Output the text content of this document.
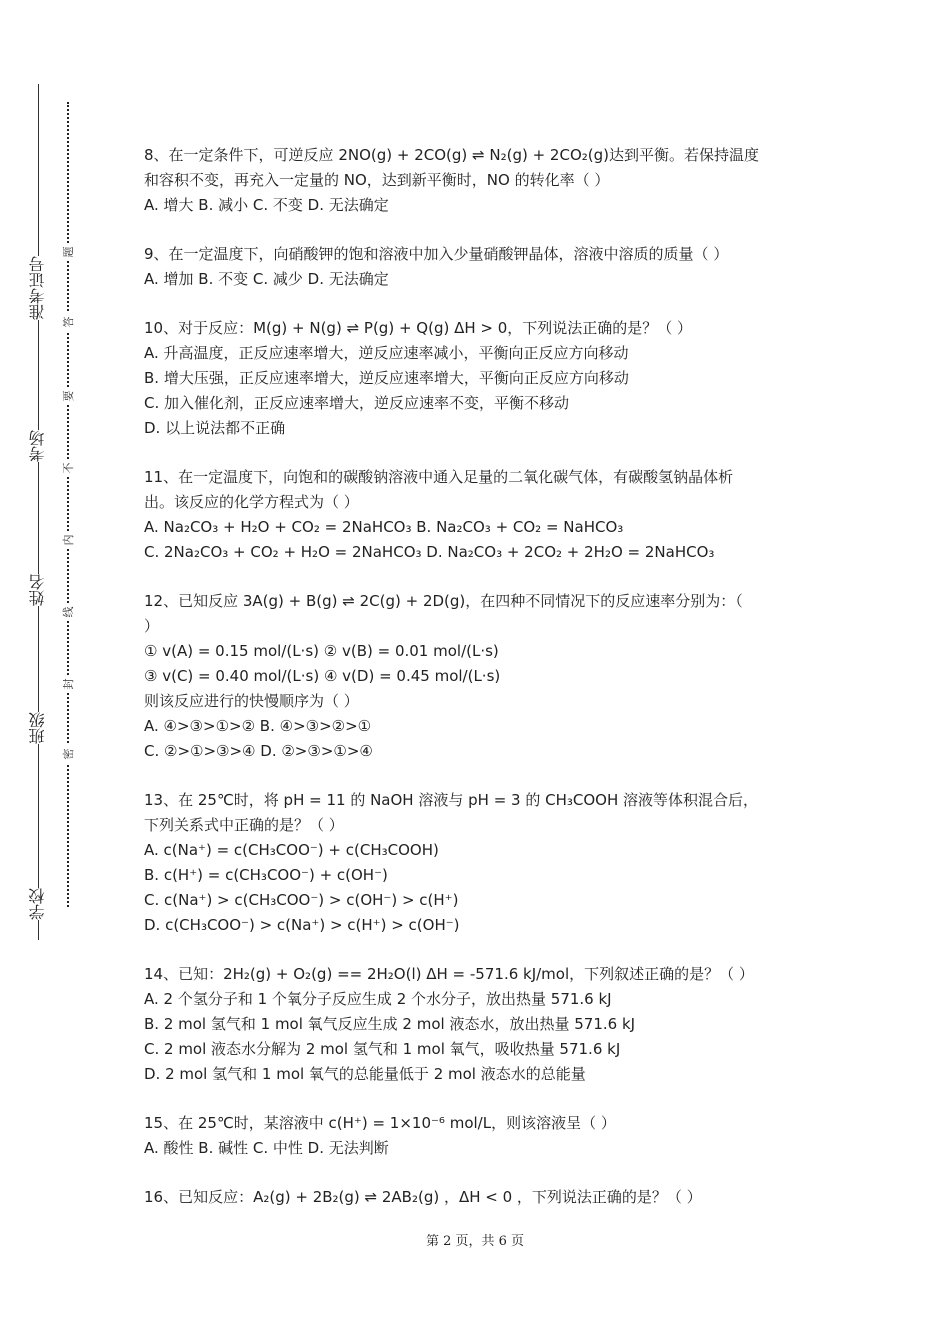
准考证号
考场
姓名
班级
学校
题
答
要
不
内
线
封
密
8、在一定条件下，可逆反应 2NO(g) + 2CO(g) ⇌ N₂(g) + 2CO₂(g)达到平衡。若保持温度
和容积不变，再充入一定量的 NO，达到新平衡时，NO 的转化率（ ）
A. 增大 B. 减小 C. 不变 D. 无法确定
9、在一定温度下，向硝酸钾的饱和溶液中加入少量硝酸钾晶体，溶液中溶质的质量（ ）
A. 增加 B. 不变 C. 减少 D. 无法确定
10、对于反应：M(g) + N(g) ⇌ P(g) + Q(g) ΔH > 0，下列说法正确的是？（ ）
A. 升高温度，正反应速率增大，逆反应速率减小，平衡向正反应方向移动
B. 增大压强，正反应速率增大，逆反应速率增大，平衡向正反应方向移动
C. 加入催化剂，正反应速率增大，逆反应速率不变，平衡不移动
D. 以上说法都不正确
11、在一定温度下，向饱和的碳酸钠溶液中通入足量的二氧化碳气体，有碳酸氢钠晶体析
出。该反应的化学方程式为（ ）
A. Na₂CO₃ + H₂O + CO₂ = 2NaHCO₃ B. Na₂CO₃ + CO₂ = NaHCO₃
C. 2Na₂CO₃ + CO₂ + H₂O = 2NaHCO₃ D. Na₂CO₃ + 2CO₂ + 2H₂O = 2NaHCO₃
12、已知反应 3A(g) + B(g) ⇌ 2C(g) + 2D(g)，在四种不同情况下的反应速率分别为：（
）
① v(A) = 0.15 mol/(L·s) ② v(B) = 0.01 mol/(L·s)
③ v(C) = 0.40 mol/(L·s) ④ v(D) = 0.45 mol/(L·s)
则该反应进行的快慢顺序为（ ）
A. ④>③>①>② B. ④>③>②>①
C. ②>①>③>④ D. ②>③>①>④
13、在 25℃时，将 pH = 11 的 NaOH 溶液与 pH = 3 的 CH₃COOH 溶液等体积混合后，
下列关系式中正确的是？（ ）
A. c(Na⁺) = c(CH₃COO⁻) + c(CH₃COOH)
B. c(H⁺) = c(CH₃COO⁻) + c(OH⁻)
C. c(Na⁺) > c(CH₃COO⁻) > c(OH⁻) > c(H⁺)
D. c(CH₃COO⁻) > c(Na⁺) > c(H⁺) > c(OH⁻)
14、已知：2H₂(g) + O₂(g) == 2H₂O(l) ΔH = -571.6 kJ/mol，下列叙述正确的是？（ ）
A. 2 个氢分子和 1 个氧分子反应生成 2 个水分子，放出热量 571.6 kJ
B. 2 mol 氢气和 1 mol 氧气反应生成 2 mol 液态水，放出热量 571.6 kJ
C. 2 mol 液态水分解为 2 mol 氢气和 1 mol 氧气，吸收热量 571.6 kJ
D. 2 mol 氢气和 1 mol 氧气的总能量低于 2 mol 液态水的总能量
15、在 25℃时，某溶液中 c(H⁺) = 1×10⁻⁶ mol/L，则该溶液呈（ ）
A. 酸性 B. 碱性 C. 中性 D. 无法判断
16、已知反应：A₂(g) + 2B₂(g) ⇌ 2AB₂(g) ，ΔH < 0 ，下列说法正确的是？（ ）
第 2 页，共 6 页
